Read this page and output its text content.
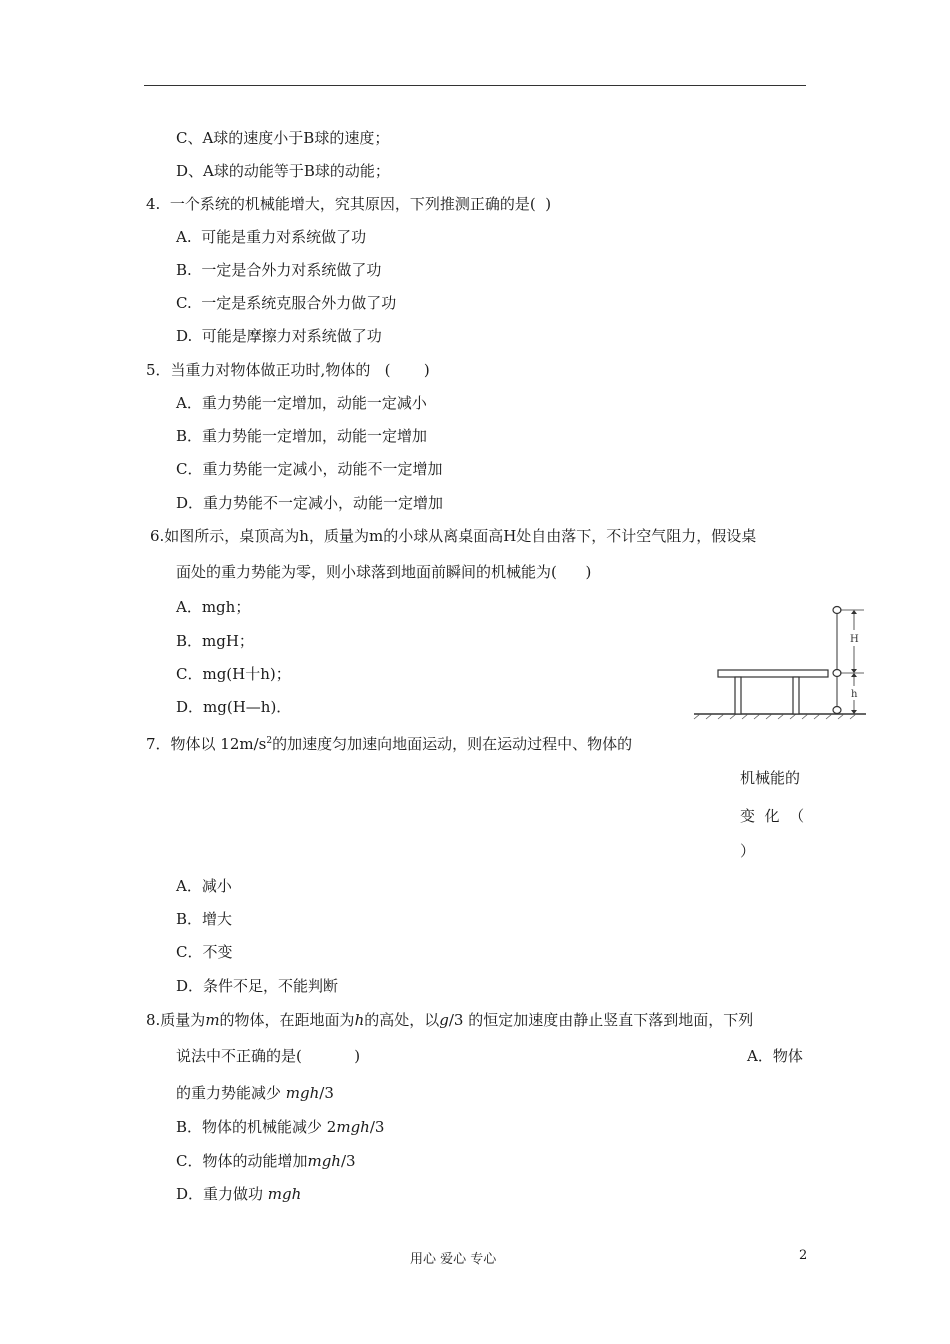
C、A球的速度小于B球的速度；
D、A球的动能等于B球的动能；
4.  一个系统的机械能增大，究其原因，下列推测正确的是(  )
A.  可能是重力对系统做了功
B.  一定是合外力对系统做了功
C.  一定是系统克服合外力做了功
D.  可能是摩擦力对系统做了功
5．当重力对物体做正功时,物体的   (       )
A．重力势能一定增加，动能一定减小
B．重力势能一定增加，动能一定增加
C．重力势能一定减小，动能不一定增加
D．重力势能不一定减小，动能一定增加
6.如图所示，桌顶高为h，质量为m的小球从离桌面高H处自由落下，不计空气阻力，假设桌
面处的重力势能为零，则小球落到地面前瞬间的机械能为(      )
A．mgh；
B．mgH；
C．mg(H十h)；
D．mg(H—h)．
H
h
7．物体以 $12m/s^2$的加速度匀加速向地面运动，则在运动过程中、物体的
机械能的
变  化  （
）
A．减小
B．增大
C．不变
D．条件不足，不能判断
8.质量为m的物体，在距地面为h的高处，以g/3 的恒定加速度由静止竖直下落到地面，下列
说法中不正确的是(           )	A．物体
的重力势能减少 mgh/3
B．物体的机械能减少 2mgh/3
C．物体的动能增加mgh/3
D．重力做功 mgh
用心 爱心 专心	2
